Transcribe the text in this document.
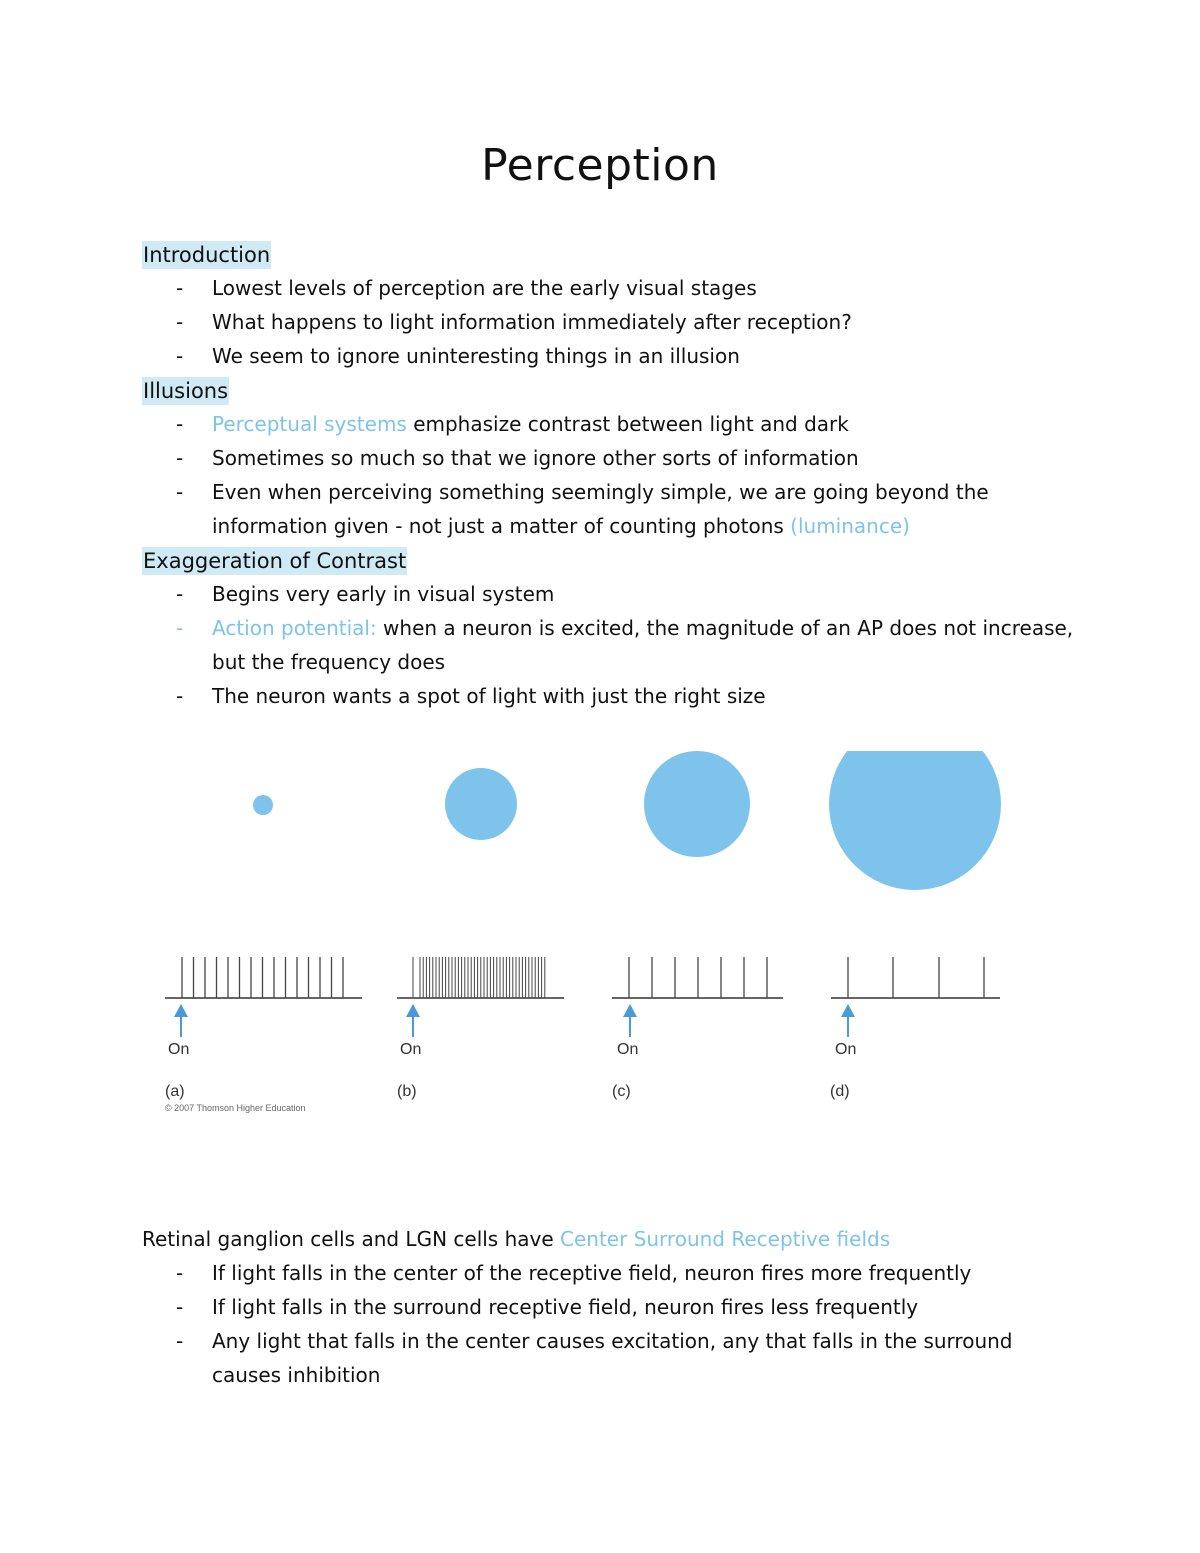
Perception
Introduction
- Lowest levels of perception are the early visual stages
- What happens to light information immediately after reception?
- We seem to ignore uninteresting things in an illusion
Illusions
- Perceptual systems emphasize contrast between light and dark
- Sometimes so much so that we ignore other sorts of information
- Even when perceiving something seemingly simple, we are going beyond the information given - not just a matter of counting photons (luminance)
Exaggeration of Contrast
- Begins very early in visual system
- Action potential: when a neuron is excited, the magnitude of an AP does not increase, but the frequency does
- The neuron wants a spot of light with just the right size
On	On	On	On
(a)	(b)	(c)	(d)
© 2007 Thomson Higher Education
Retinal ganglion cells and LGN cells have Center Surround Receptive fields
- If light falls in the center of the receptive field, neuron fires more frequently
- If light falls in the surround receptive field, neuron fires less frequently
- Any light that falls in the center causes excitation, any that falls in the surround causes inhibition
